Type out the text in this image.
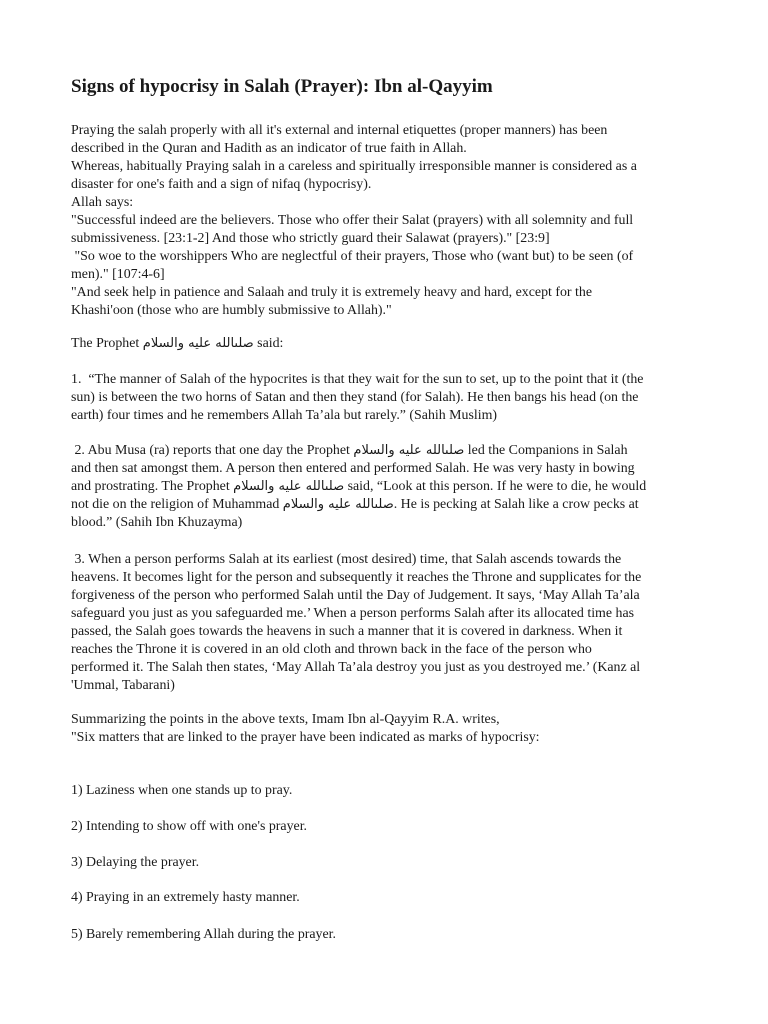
Signs of hypocrisy in Salah (Prayer): Ibn al-Qayyim

Praying the salah properly with all it's external and internal etiquettes (proper manners) has been
described in the Quran and Hadith as an indicator of true faith in Allah.
Whereas, habitually Praying salah in a careless and spiritually irresponsible manner is considered as a
disaster for one's faith and a sign of nifaq (hypocrisy).
Allah says:
"Successful indeed are the believers. Those who offer their Salat (prayers) with all solemnity and full
submissiveness. [23:1-2] And those who strictly guard their Salawat (prayers)." [23:9]
"So woe to the worshippers Who are neglectful of their prayers, Those who (want but) to be seen (of
men)." [107:4-6]
"And seek help in patience and Salaah and truly it is extremely heavy and hard, except for the
Khashi'oon (those who are humbly submissive to Allah)."

The Prophet صلىالله عليه والسلام said:

1.  “The manner of Salah of the hypocrites is that they wait for the sun to set, up to the point that it (the
sun) is between the two horns of Satan and then they stand (for Salah). He then bangs his head (on the
earth) four times and he remembers Allah Ta’ala but rarely.” (Sahih Muslim)

2. Abu Musa (ra) reports that one day the Prophet صلىالله عليه والسلام led the Companions in Salah
and then sat amongst them. A person then entered and performed Salah. He was very hasty in bowing
and prostrating. The Prophet صلىالله عليه والسلام said, “Look at this person. If he were to die, he would
not die on the religion of Muhammad صلىالله عليه والسلام. He is pecking at Salah like a crow pecks at
blood.” (Sahih Ibn Khuzayma)

3. When a person performs Salah at its earliest (most desired) time, that Salah ascends towards the
heavens. It becomes light for the person and subsequently it reaches the Throne and supplicates for the
forgiveness of the person who performed Salah until the Day of Judgement. It says, ‘May Allah Ta’ala
safeguard you just as you safeguarded me.’ When a person performs Salah after its allocated time has
passed, the Salah goes towards the heavens in such a manner that it is covered in darkness. When it
reaches the Throne it is covered in an old cloth and thrown back in the face of the person who
performed it. The Salah then states, ‘May Allah Ta’ala destroy you just as you destroyed me.’ (Kanz al
'Ummal, Tabarani)

Summarizing the points in the above texts, Imam Ibn al-Qayyim R.A. writes,
"Six matters that are linked to the prayer have been indicated as marks of hypocrisy:

1) Laziness when one stands up to pray.

2) Intending to show off with one's prayer.

3) Delaying the prayer.

4) Praying in an extremely hasty manner.

5) Barely remembering Allah during the prayer.
